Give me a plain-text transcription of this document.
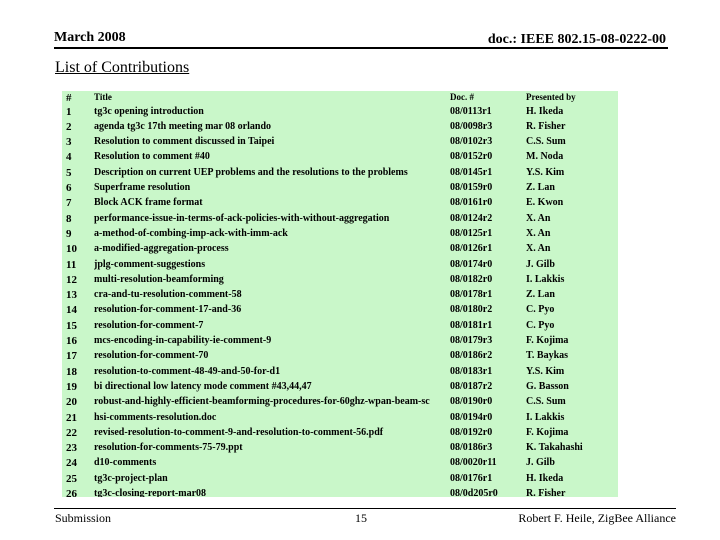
March 2008	doc.: IEEE 802.15-08-0222-00
List of Contributions
#	Title	Doc. #	Presented by
1	tg3c opening introduction	08/0113r1	H. Ikeda
2	agenda tg3c 17th meeting mar 08 orlando	08/0098r3	R. Fisher
3	Resolution to comment discussed in Taipei	08/0102r3	C.S. Sum
4	Resolution to comment #40	08/0152r0	M. Noda
5	Description on current UEP problems and the resolutions to the problems	08/0145r1	Y.S. Kim
6	Superframe resolution	08/0159r0	Z. Lan
7	Block ACK frame format	08/0161r0	E. Kwon
8	performance-issue-in-terms-of-ack-policies-with-without-aggregation	08/0124r2	X. An
9	a-method-of-combing-imp-ack-with-imm-ack	08/0125r1	X. An
10	a-modified-aggregation-process	08/0126r1	X. An
11	jplg-comment-suggestions	08/0174r0	J. Gilb
12	multi-resolution-beamforming	08/0182r0	I. Lakkis
13	cra-and-tu-resolution-comment-58	08/0178r1	Z. Lan
14	resolution-for-comment-17-and-36	08/0180r2	C. Pyo
15	resolution-for-comment-7	08/0181r1	C. Pyo
16	mcs-encoding-in-capability-ie-comment-9	08/0179r3	F. Kojima
17	resolution-for-comment-70	08/0186r2	T. Baykas
18	resolution-to-comment-48-49-and-50-for-d1	08/0183r1	Y.S. Kim
19	bi directional low latency mode comment #43,44,47	08/0187r2	G. Basson
20	robust-and-highly-efficient-beamforming-procedures-for-60ghz-wpan-beam-sc	08/0190r0	C.S. Sum
21	hsi-comments-resolution.doc	08/0194r0	I. Lakkis
22	revised-resolution-to-comment-9-and-resolution-to-comment-56.pdf	08/0192r0	F. Kojima
23	resolution-for-comments-75-79.ppt	08/0186r3	K. Takahashi
24	d10-comments	08/0020r11	J. Gilb
25	tg3c-project-plan	08/0176r1	H. Ikeda
26	tg3c-closing-report-mar08	08/0d205r0	R. Fisher
Submission	15	Robert F. Heile, ZigBee Alliance
